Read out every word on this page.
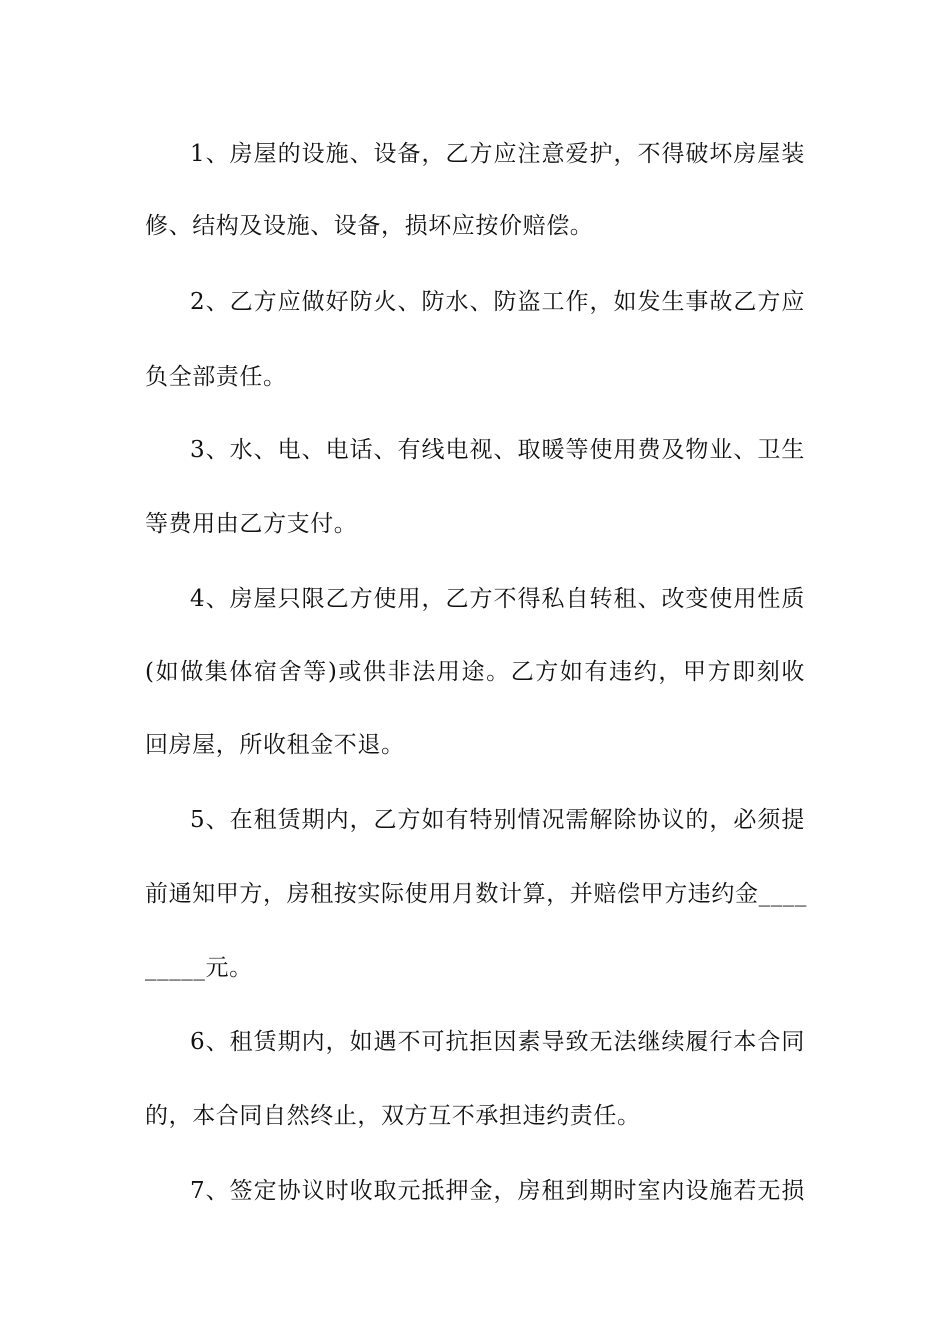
1、房屋的设施、设备，乙方应注意爱护，不得破坏房屋装
修、结构及设施、设备，损坏应按价赔偿。
2、乙方应做好防火、防水、防盗工作，如发生事故乙方应
负全部责任。
3、水、电、电话、有线电视、取暖等使用费及物业、卫生
等费用由乙方支付。
4、房屋只限乙方使用，乙方不得私自转租、改变使用性质
(如做集体宿舍等)或供非法用途。乙方如有违约，甲方即刻收
回房屋，所收租金不退。
5、在租赁期内，乙方如有特别情况需解除协议的，必须提
前通知甲方，房租按实际使用月数计算，并赔偿甲方违约金____
_____元。
6、租赁期内，如遇不可抗拒因素导致无法继续履行本合同
的，本合同自然终止，双方互不承担违约责任。
7、签定协议时收取元抵押金，房租到期时室内设施若无损
